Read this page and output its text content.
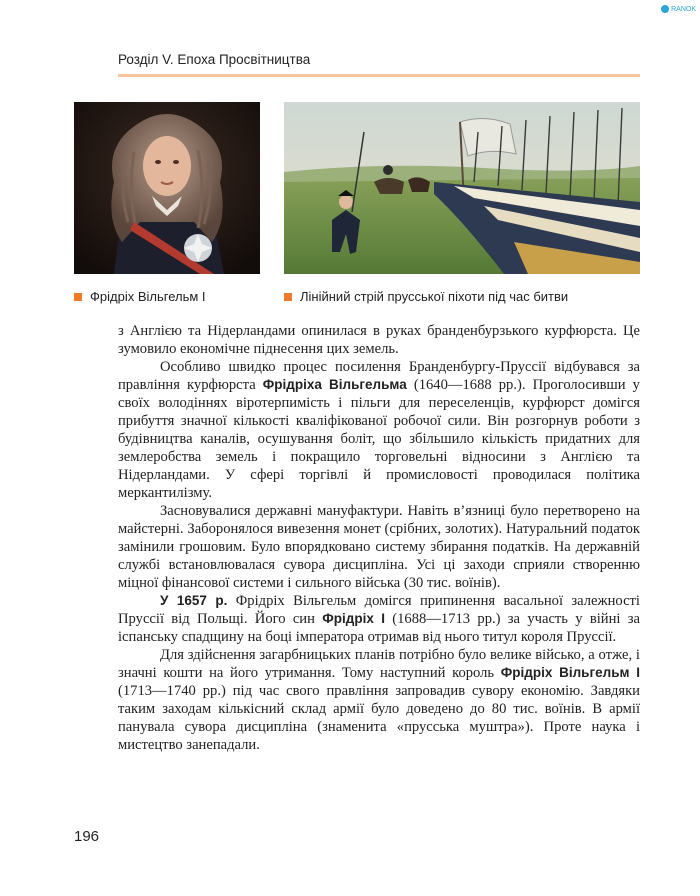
RANOK
Розділ V. Епоха Просвітництва
Фрідріх Вільгельм I	Лінійний стрій прусської піхоти під час битви

з Англією та Нідерландами опинилася в руках бранденбурзького курфюрста. Це зумовило економічне піднесення цих земель.

Особливо швидко процес посилення Бранденбургу-Пруссії відбувався за правління курфюрста Фрідріха Вільгельма (1640—1688 рр.). Проголосивши у своїх володіннях віротерпимість і пільги для переселенців, курфюрст домігся прибуття значної кількості кваліфікованої робочої сили. Він розгорнув роботи з будівництва каналів, осушування боліт, що збільшило кількість придатних для землеробства земель і покращило торговельні відносини з Англією та Нідерландами. У сфері торгівлі й промисловості проводилася політика меркантилізму.

Засновувалися державні мануфактури. Навіть в’язниці було перетворено на майстерні. Заборонялося вивезення монет (срібних, золотих). Натуральний податок замінили грошовим. Було впорядковано систему збирання податків. На державній службі встановлювалася сувора дисципліна. Усі ці заходи сприяли створенню міцної фінансової системи і сильного війська (30 тис. воїнів).

У 1657 р. Фрідріх Вільгельм домігся припинення васальної залежності Пруссії від Польщі. Його син Фрідріх I (1688—1713 рр.) за участь у війні за іспанську спадщину на боці імператора отримав від нього титул короля Пруссії.

Для здійснення загарбницьких планів потрібно було велике військо, а отже, і значні кошти на його утримання. Тому наступний король Фрідріх Вільгельм I (1713—1740 рр.) під час свого правління запровадив сувору економію. Завдяки таким заходам кількісний склад армії було доведено до 80 тис. воїнів. В армії панувала сувора дисципліна (знаменита «прусська муштра»). Проте наука і мистецтво занепадали.

196
